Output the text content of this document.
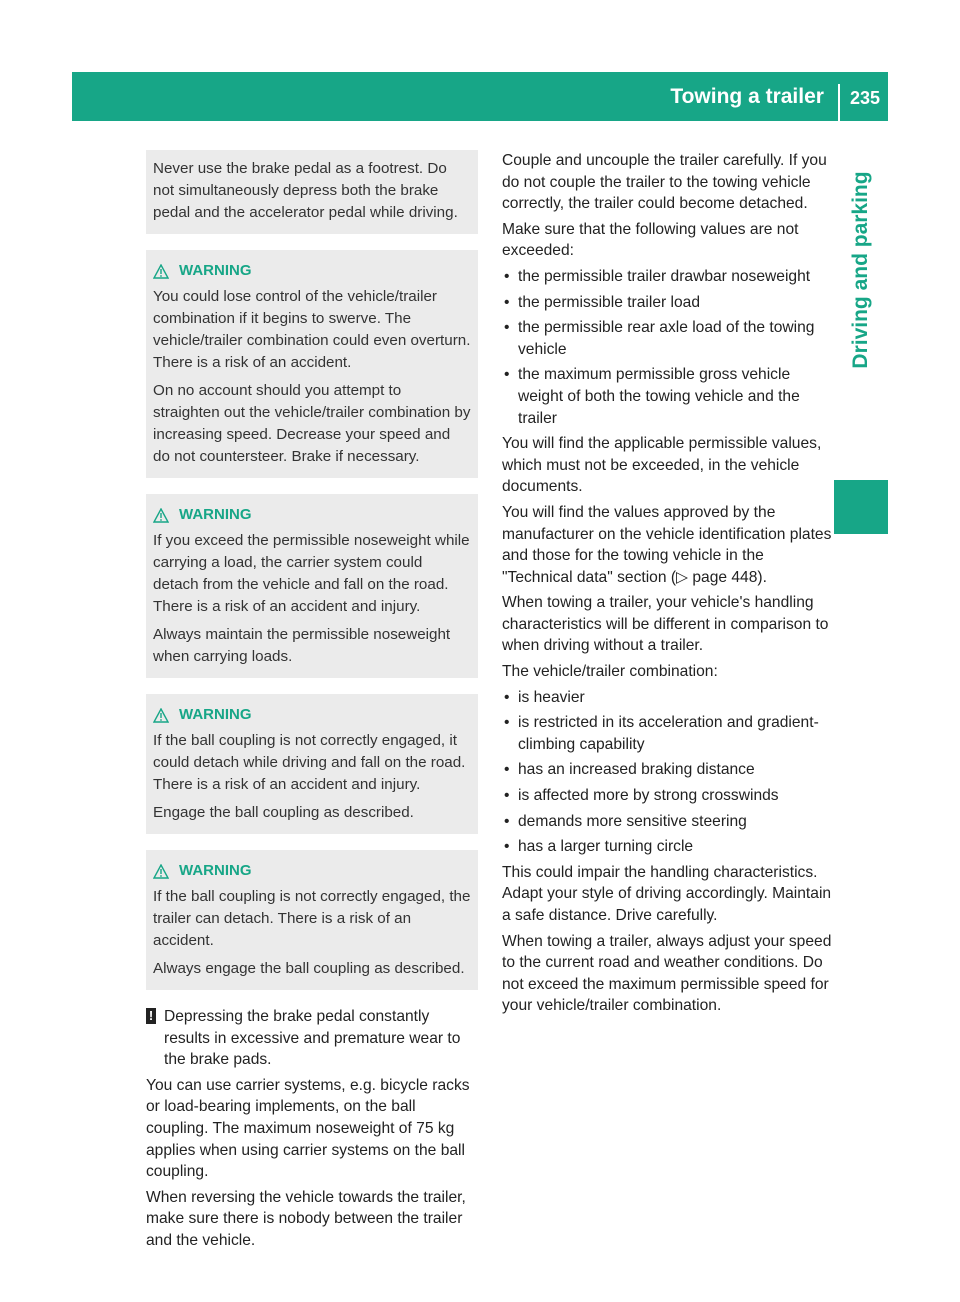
Towing a trailer	235
Driving and parking

Never use the brake pedal as a footrest. Do not simultaneously depress both the brake pedal and the accelerator pedal while driving.

WARNING

You could lose control of the vehicle/trailer combination if it begins to swerve. The vehicle/trailer combination could even overturn. There is a risk of an accident.

On no account should you attempt to straighten out the vehicle/trailer combination by increasing speed. Decrease your speed and do not countersteer. Brake if necessary.

WARNING

If you exceed the permissible noseweight while carrying a load, the carrier system could detach from the vehicle and fall on the road. There is a risk of an accident and injury.

Always maintain the permissible noseweight when carrying loads.

WARNING

If the ball coupling is not correctly engaged, it could detach while driving and fall on the road. There is a risk of an accident and injury.

Engage the ball coupling as described.

WARNING

If the ball coupling is not correctly engaged, the trailer can detach. There is a risk of an accident.

Always engage the ball coupling as described.

! Depressing the brake pedal constantly results in excessive and premature wear to the brake pads.

You can use carrier systems, e.g. bicycle racks or load-bearing implements, on the ball coupling. The maximum noseweight of 75 kg applies when using carrier systems on the ball coupling.

When reversing the vehicle towards the trailer, make sure there is nobody between the trailer and the vehicle.

Couple and uncouple the trailer carefully. If you do not couple the trailer to the towing vehicle correctly, the trailer could become detached.

Make sure that the following values are not exceeded:

• the permissible trailer drawbar noseweight
• the permissible trailer load
• the permissible rear axle load of the towing vehicle
• the maximum permissible gross vehicle weight of both the towing vehicle and the trailer

You will find the applicable permissible values, which must not be exceeded, in the vehicle documents.

You will find the values approved by the manufacturer on the vehicle identification plates and those for the towing vehicle in the "Technical data" section (▷ page 448).

When towing a trailer, your vehicle's handling characteristics will be different in comparison to when driving without a trailer.

The vehicle/trailer combination:

• is heavier
• is restricted in its acceleration and gradient-climbing capability
• has an increased braking distance
• is affected more by strong crosswinds
• demands more sensitive steering
• has a larger turning circle

This could impair the handling characteristics. Adapt your style of driving accordingly. Maintain a safe distance. Drive carefully.

When towing a trailer, always adjust your speed to the current road and weather conditions. Do not exceed the maximum permissible speed for your vehicle/trailer combination.
